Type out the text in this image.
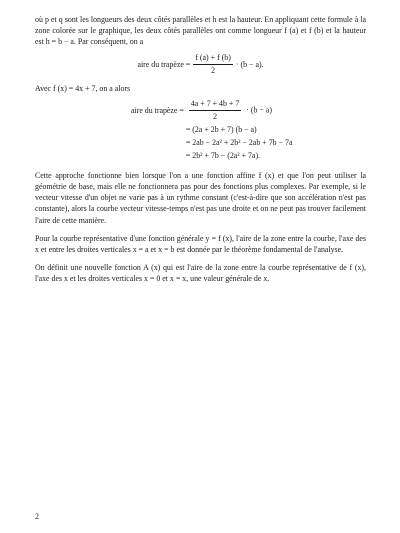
où p et q sont les longueurs des deux côtés parallèles et h est la hauteur. En appliquant cette formule à la zone colorée sur le graphique, les deux côtés parallèles ont comme longueur f (a) et f (b) et la hauteur est h = b − a. Par conséquent, on a

aire du trapèze = $\frac{f (a) + f (b)}{2} \cdot (b - a)$.

Avec f (x) = 4x + 7, on a alors

aire du trapèze =	$\frac{4a + 7 + 4b + 7}{2} \cdot (b - a)$
	= (2a + 2b + 7) (b − a)
	= 2ab − 2a² + 2b² − 2ab + 7b − 7a
	= 2b² + 7b − (2a² + 7a).

Cette approche fonctionne bien lorsque l'on a une fonction affine f (x) et que l'on peut utiliser la géométrie de base, mais elle ne fonctionnera pas pour des fonctions plus complexes. Par exemple, si le vecteur vitesse d'un objet ne varie pas à un rythme constant (c'est-à-dire que son accélération n'est pas constante), alors la courbe vecteur vitesse-temps n'est pas une droite et on ne peut pas trouver facilement l'aire de cette manière.

Pour la courbe représentative d'une fonction générale y = f (x), l'aire de la zone entre la courbe, l'axe des x et entre les droites verticales x = a et x = b est donnée par le théorème fondamental de l'analyse.

On définit une nouvelle fonction A (x) qui est l'aire de la zone entre la courbe représentative de f (x), l'axe des x et les droites verticales x = 0 et x = x, une valeur générale de x.

2
